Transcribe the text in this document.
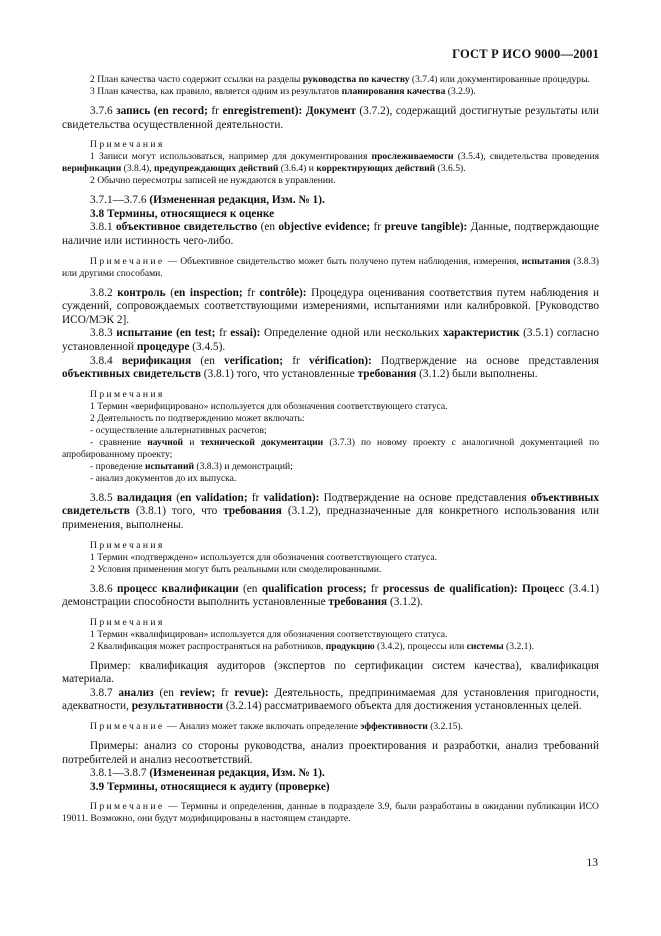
ГОСТ Р ИСО 9000—2001

2 План качества часто содержит ссылки на разделы руководства по качеству (3.7.4) или документированные процедуры.

3 План качества, как правило, является одним из результатов планирования качества (3.2.9).

3.7.6 запись (en record; fr enregistrement): Документ (3.7.2), содержащий достигнутые результаты или свидетельства осуществленной деятельности.

Примечания

1 Записи могут использоваться, например для документирования прослеживаемости (3.5.4), свидетельства проведения верификации (3.8.4), предупреждающих действий (3.6.4) и корректирующих действий (3.6.5).

2 Обычно пересмотры записей не нуждаются в управлении.

3.7.1—3.7.6 (Измененная редакция, Изм. № 1).

3.8 Термины, относящиеся к оценке

3.8.1 объективное свидетельство (en objective evidence; fr preuve tangible): Данные, подтверждающие наличие или истинность чего-либо.

Примечание — Объективное свидетельство может быть получено путем наблюдения, измерения, испытания (3.8.3) или другими способами.

3.8.2 контроль (en inspection; fr contrôle): Процедура оценивания соответствия путем наблюдения и суждений, сопровождаемых соответствующими измерениями, испытаниями или калибровкой. [Руководство ИСО/МЭК 2].

3.8.3 испытание (en test; fr essai): Определение одной или нескольких характеристик (3.5.1) согласно установленной процедуре (3.4.5).

3.8.4 верификация (en verification; fr vérification): Подтверждение на основе представления объективных свидетельств (3.8.1) того, что установленные требования (3.1.2) были выполнены.

Примечания

1 Термин «верифицировано» используется для обозначения соответствующего статуса.

2 Деятельность по подтверждению может включать:

- осуществление альтернативных расчетов;

- сравнение научной и технической документации (3.7.3) по новому проекту с аналогичной документацией по апробированному проекту;

- проведение испытаний (3.8.3) и демонстраций;

- анализ документов до их выпуска.

3.8.5 валидация (en validation; fr validation): Подтверждение на основе представления объективных свидетельств (3.8.1) того, что требования (3.1.2), предназначенные для конкретного использования или применения, выполнены.

Примечания

1 Термин «подтверждено» используется для обозначения соответствующего статуса.

2 Условия применения могут быть реальными или смоделированными.

3.8.6 процесс квалификации (en qualification process; fr processus de qualification): Процесс (3.4.1) демонстрации способности выполнить установленные требования (3.1.2).

Примечания

1 Термин «квалифицирован» используется для обозначения соответствующего статуса.

2 Квалификация может распространяться на работников, продукцию (3.4.2), процессы или системы (3.2.1).

Пример: квалификация аудиторов (экспертов по сертификации систем качества), квалификация материала.

3.8.7 анализ (en review; fr revue): Деятельность, предпринимаемая для установления пригодности, адекватности, результативности (3.2.14) рассматриваемого объекта для достижения установленных целей.

Примечание — Анализ может также включать определение эффективности (3.2.15).

Примеры: анализ со стороны руководства, анализ проектирования и разработки, анализ требований потребителей и анализ несоответствий.

3.8.1—3.8.7 (Измененная редакция, Изм. № 1).

3.9 Термины, относящиеся к аудиту (проверке)

Примечание — Термины и определения, данные в подразделе 3.9, были разработаны в ожидании публикации ИСО 19011. Возможно, они будут модифицированы в настоящем стандарте.

13
